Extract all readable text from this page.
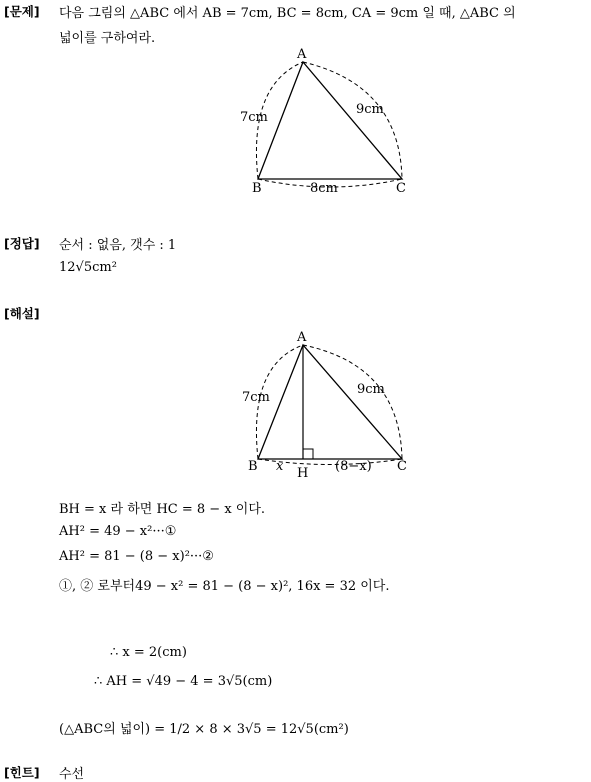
[문제] 다음 그림의 △ABC 에서 AB = 7cm, BC = 8cm, CA = 9cm 일 때, △ABC 의
넓이를 구하여라.
A
B	C
7cm
9cm
8cm
[정답] 순서 : 없음, 갯수 : 1
12√5cm²
[해설]
A
B	C
H
7cm
9cm
x	(8−x)
BH = x 라 하면 HC = 8 − x 이다.
AH² = 49 − x²···①
AH² = 81 − (8 − x)²···②
①, ② 로부터49 − x² = 81 − (8 − x)², 16x = 32 이다.
∴ x = 2(cm)
∴ AH = √49 − 4 = 3√5(cm)
(△ABC의 넓이) = 1/2 × 8 × 3√5 = 12√5(cm²)
[힌트] 수선
